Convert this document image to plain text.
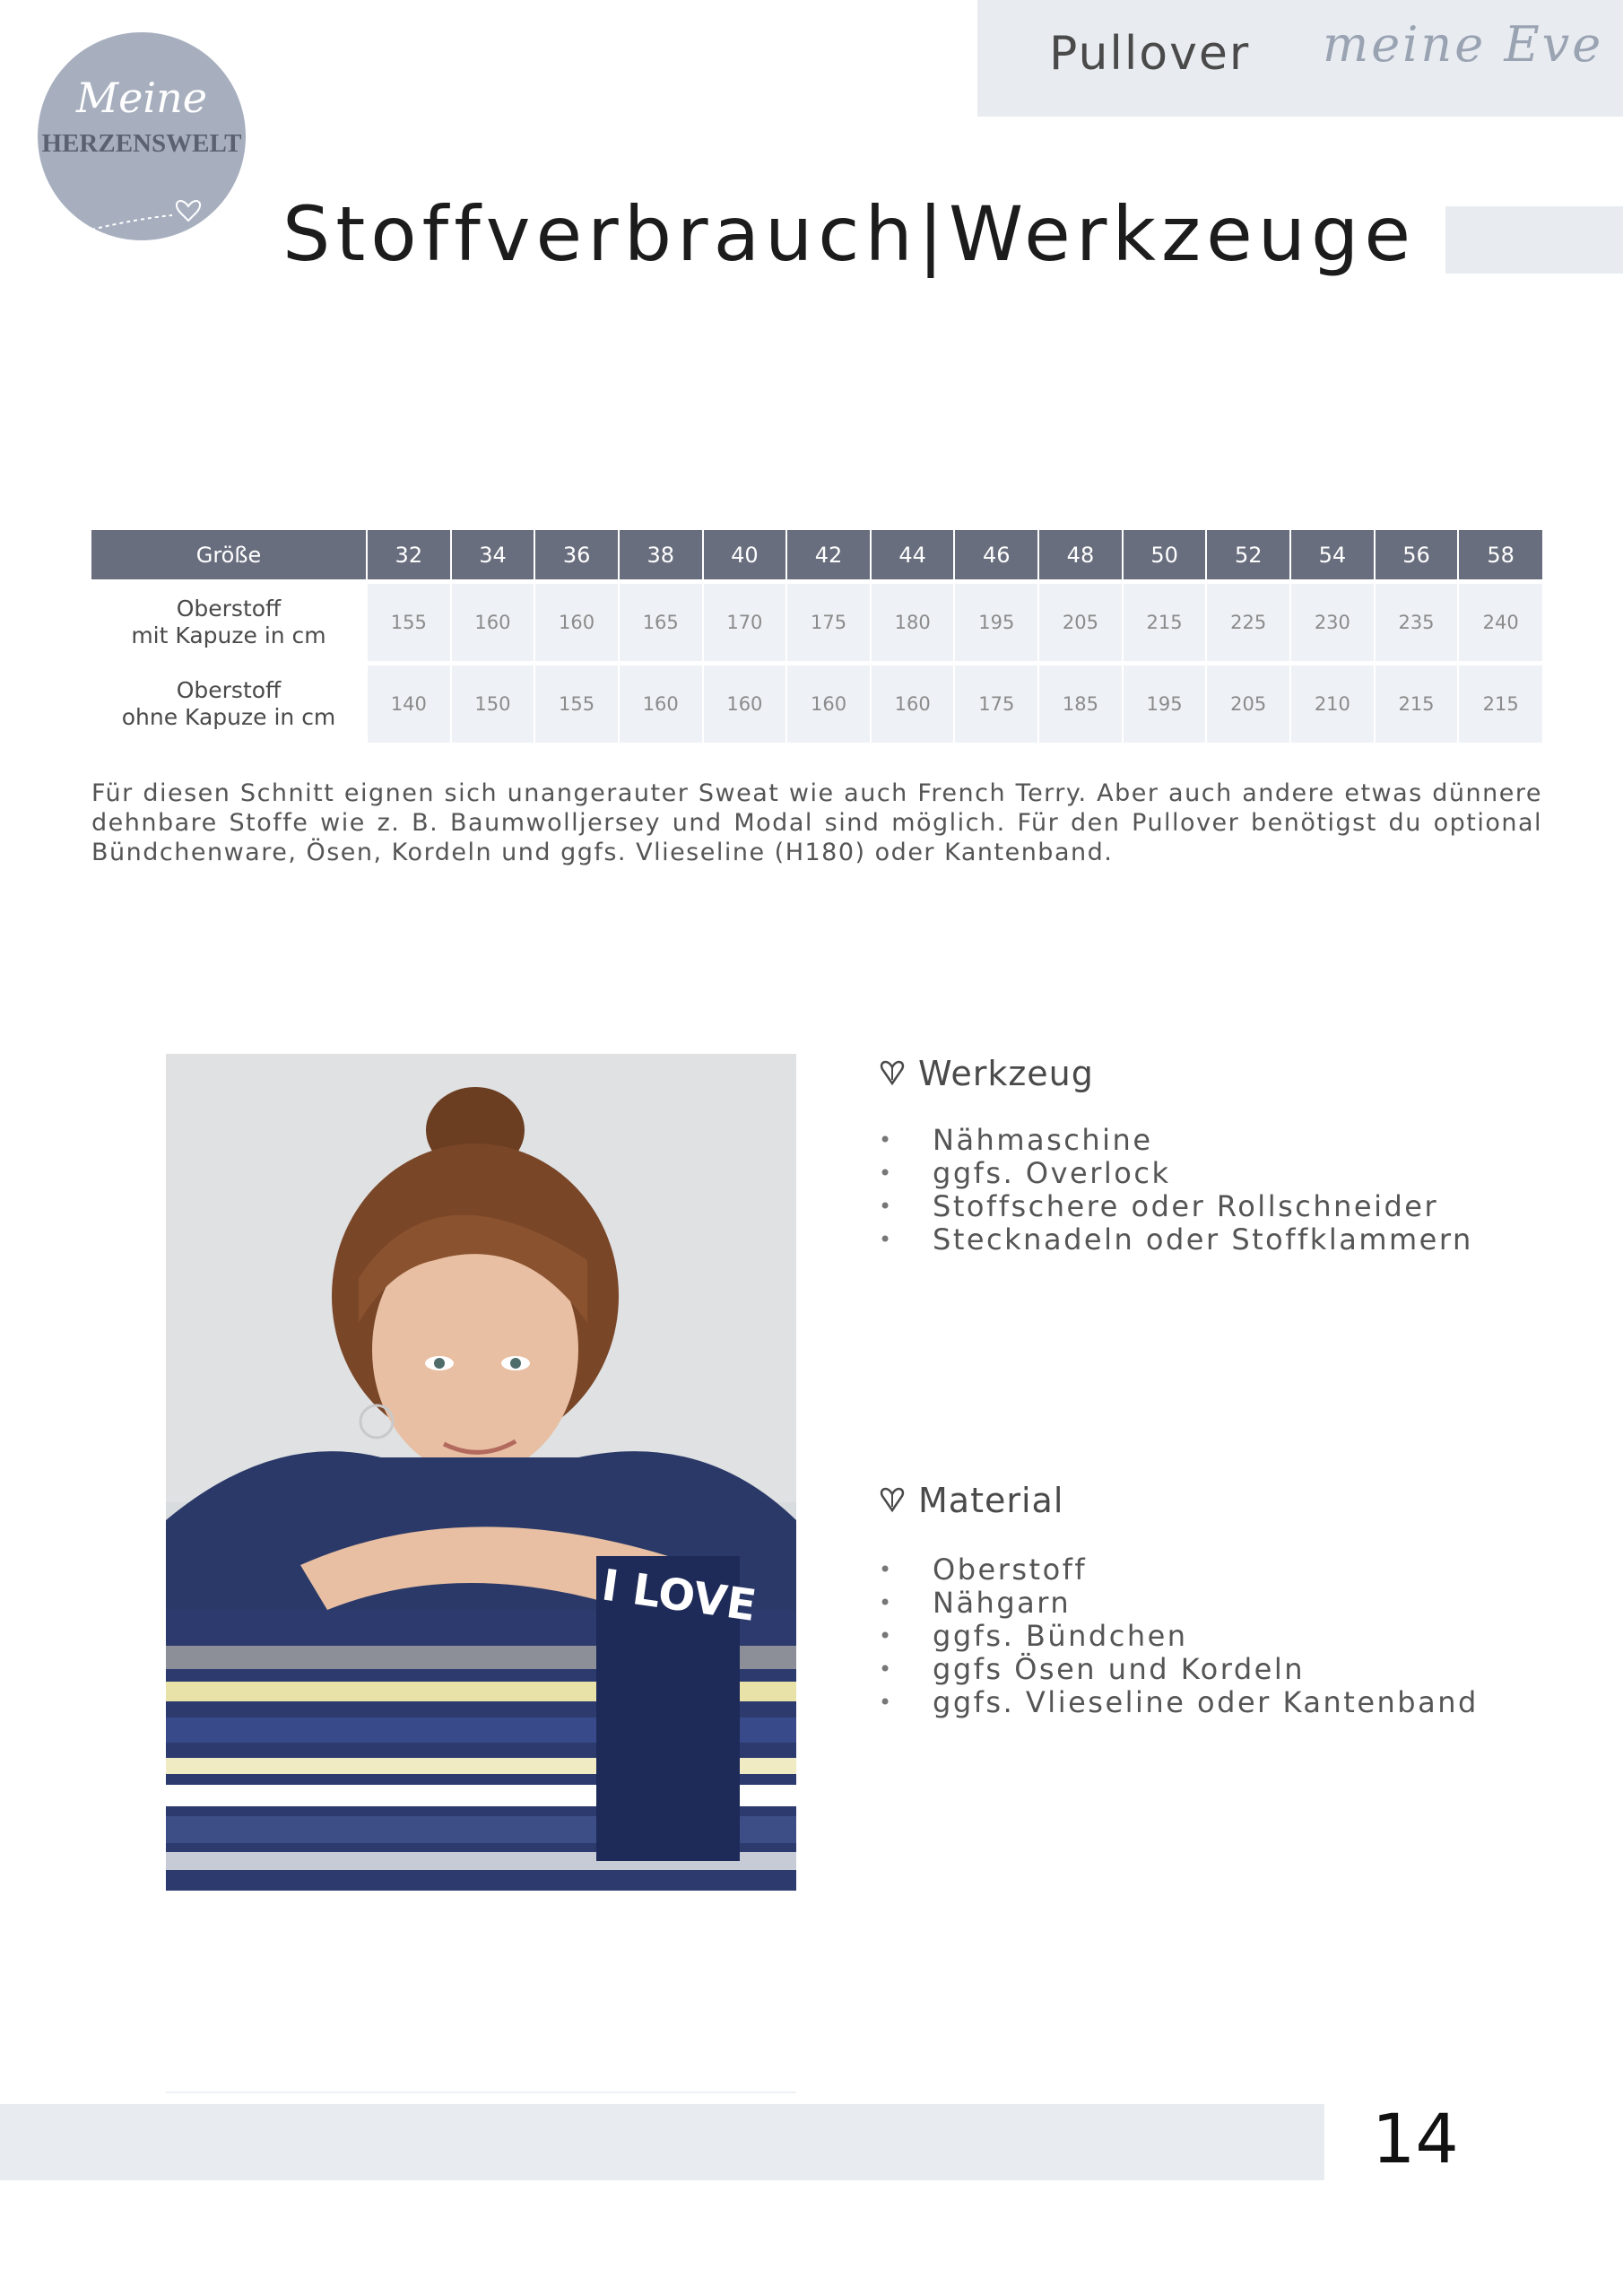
Pullover meine Eve
Meine
HERZENSWELT
Stoffverbrauch|Werkzeuge
Größe	32	34	36	38	40	42	44	46	48	50	52	54	56	58
Oberstoff
mit Kapuze in cm	155	160	160	165	170	175	180	195	205	215	225	230	235	240
Oberstoff
ohne Kapuze in cm	140	150	155	160	160	160	160	175	185	195	205	210	215	215

Für diesen Schnitt eignen sich unangerauter Sweat wie auch French Terry. Aber auch andere etwas dünnere dehnbare Stoffe wie z. B. Baumwolljersey und Modal sind möglich. Für den Pullover benötigst du optional Bündchenware, Ösen, Kordeln und ggfs. Vlieseline (H180) oder Kantenband.

I LOVE
Werkzeug
• Nähmaschine
• ggfs. Overlock
• Stoffschere oder Rollschneider
• Stecknadeln oder Stoffklammern
Material
• Oberstoff
• Nähgarn
• ggfs. Bündchen
• ggfs Ösen und Kordeln
• ggfs. Vlieseline oder Kantenband
14
